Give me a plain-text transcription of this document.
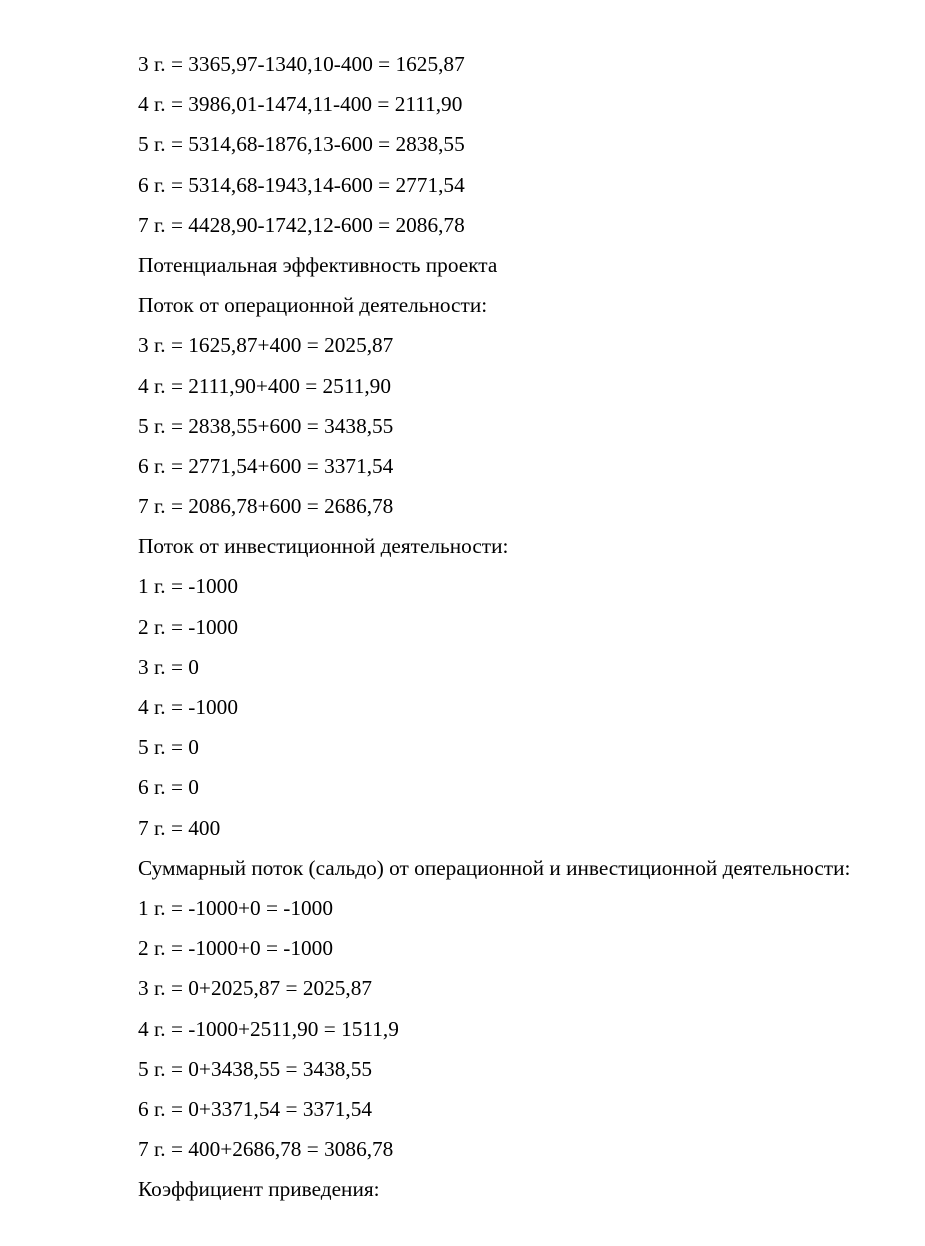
3 г. = 3365,97-1340,10-400 = 1625,87
4 г. = 3986,01-1474,11-400 = 2111,90
5 г. = 5314,68-1876,13-600 = 2838,55
6 г. = 5314,68-1943,14-600 = 2771,54
7 г. = 4428,90-1742,12-600 = 2086,78
Потенциальная эффективность проекта
Поток от операционной деятельности:
3 г. = 1625,87+400 = 2025,87
4 г. = 2111,90+400 = 2511,90
5 г. = 2838,55+600 = 3438,55
6 г. = 2771,54+600 = 3371,54
7 г. = 2086,78+600 = 2686,78
Поток от инвестиционной деятельности:
1 г. = -1000
2 г. = -1000
3 г. = 0
4 г. = -1000
5 г. = 0
6 г. = 0
7 г. = 400

Суммарный поток (сальдо) от операционной и инвестиционной деятельности:

1 г. = -1000+0 = -1000
2 г. = -1000+0 = -1000
3 г. = 0+2025,87 = 2025,87
4 г. = -1000+2511,90 = 1511,9
5 г. = 0+3438,55 = 3438,55
6 г. = 0+3371,54 = 3371,54
7 г. = 400+2686,78 = 3086,78
Коэффициент приведения:
